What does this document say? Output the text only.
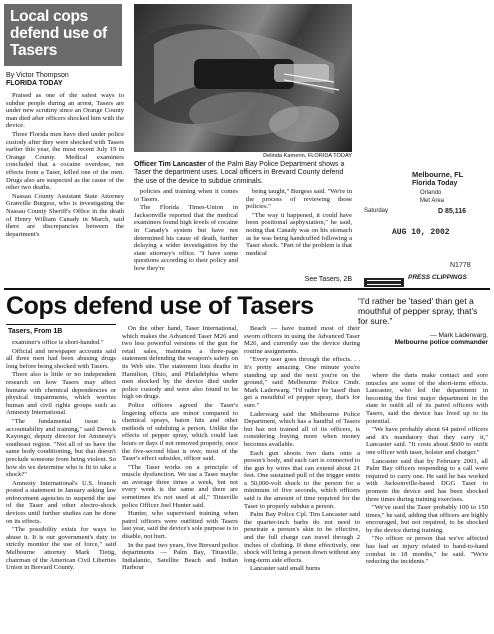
Local cops defend use of Tasers
By Victor Thompson
FLORIDA TODAY

Praised as one of the safest ways to subdue people during an arrest, Tasers are under new scrutiny since an Orange County man died after officers shocked him with the device.

Three Florida men have died under police custody after they were shocked with Tasers earlier this year, the most recent July 19 in Orange County. Medical examiners concluded that a cocaine overdose, not effects from a Taser, killed one of the men. Drugs also are suspected as the cause of the other two deaths.

Nassau County Assistant State Attorney Granville Burgess, who is investigating the Nassau County Sheriff's Office in the death of Henry William Canady in March, said there are discrepancies between the department's

Delinda Karnerin, FLORIDA TODAY
Officer Tim Lancaster of the Palm Bay Police Department shows a Taser the department uses. Local officers in Brevard County defend the use of the device to subdue criminals.

policies and training when it comes to Tasers.

The Florida Times-Union in Jacksonville reported that the medical examiners found high levels of cocaine in Canady's system but have not determined his cause of death, further delaying a wider investigation by the state attorney's office. "I have some questions according to their policy and how they're

being taught," Burgess said. "We're in the process of reviewing those policies."

"The way it happened, it could have been positional asphyxiation," he said, noting that Canady was on his stomach as he was being handcuffed following a Taser shock. "Part of the problem is that medical

See Tasers, 2B
Melbourne, FL
Florida Today
Orlando
Met Area
Saturday	D 85,116
AUG 10, 2002
N1778
PRESS CLIPPINGS
Cops defend use of Tasers	“I'd rather be 'tased' than get a mouthful of pepper spray, that's for sure.”
— Mark Laderwarg,
Melbourne police commander
Tasers, From 1B

examiner's office is short-handed."

Official and newspaper accounts said all three men had been abusing drugs long before being shocked with Tasers.

There also is little or no independent research on how Tasers may affect humans with chemical dependencies or physical impairments, which worries human and civil rights groups such as Amnesty International.

"The fundamental issue is accountability and training," said Dereck Kayongo, deputy director for Amnesty's southeast region. "Not all of us have the same body conditioning, but that doesn't preclude someone from being violent. So how do we determine who is fit to take a shock?"

Amnesty International's U.S. branch posted a statement in January asking law enforcement agencies to suspend the use of the Taser and other electro-shock devices until further studies can be done on its effects.

"The possibility exists for ways to abuse it. It is our government's duty to strictly monitor the use of force," said Melbourne attorney Mark Tietig, chairman of the American Civil Liberties Union in Brevard County.

On the other hand, Taser International, which makes the Advanced Taser M26 and two less powerful versions of the gun for retail sales, maintains a three-page statement defending the weapon's safety on its Web site. The statement lists deaths in Hamilton, Ohio, and Philadelphia where men shocked by the device died under police custody and were also found to be high on drugs.

Police officers agreed the Taser's lingering effects are minor compared to chemical sprays, baton hits and other methods of subduing a person. Unlike the effects of pepper spray, which could last hours or days if not removed properly, once the five-second blast is over, most of the Taser's effect subsides, officer said.

"The Taser works on a principle of muscle dysfunction. We use a Taser maybe an average three times a week, but not every week is the same and there are sometimes it's not used at all," Titusville police Officer Joel Hunter said.

Hunter, who supervised training when patrol officers were outfitted with Tasers last year, said the device's sole purpose is to disable, not hurt.

In the past two years, five Brevard police departments — Palm Bay, Titusville, Indialantic, Satellite Beach and Indian Harbour

Beach — have trained most of their sworn officers in using the Advanced Taser M26, and currently use the device during routine assignments.

"Every user goes through the effects. . . It's pretty amazing. One minute you're standing up and the next you're on the ground," said Melbourne Police Cmdr. Mark Laderwarg. "I'd rather be 'tased' than get a mouthful of pepper spray, that's for sure."

Laderwarg said the Melbourne Police Department, which has a handful of Tasers but has not trained all of its officers, is considering buying more when money becomes available.

Each gun shoots two darts onto a person's body, and each cart is connected to the gun by wires that can extend about 21 feet. One sustained pull of the trigger emits a 50,000-volt shock to the person for a minimum of five seconds, which officers said is the amount of time required for the Taser to properly subdue a person.

Palm Bay Police Cpl. Tim Lancaster said the quarter-inch barbs do not need to penetrate a person's skin to be effective, and the full charge can travel through 2 inches of clothing. If done effectively, one shock will bring a person down without any long-term side effects.

Lancaster said small burns

where the darts make contact and sore muscles are some of the short-term effects. Lancaster, who led the department in becoming the first major department in the state to outfit all of its patrol officers with Tasers, said the device has lived up to its potential.

"We have probably about 64 patrol officers and it's mandatory that they carry it," Lancaster said. "It costs about $600 to outfit one officer with taser, holster and charger."

Lancaster said that by February 2001, all Palm Bay officers responding to a call were required to carry one. He said he has worked with Jacksonville-based DGG Taser to promote the device and has been shocked three times during training exercises.

"We've used the Taser probably 100 to 150 times," he said, adding that officers are highly encouraged, but not required, to be shocked by the device during training.

"No officer or person that we've affected has had an injury related to hand-to-hand combat in 18 months," he said. "We're reducing the incidents."
